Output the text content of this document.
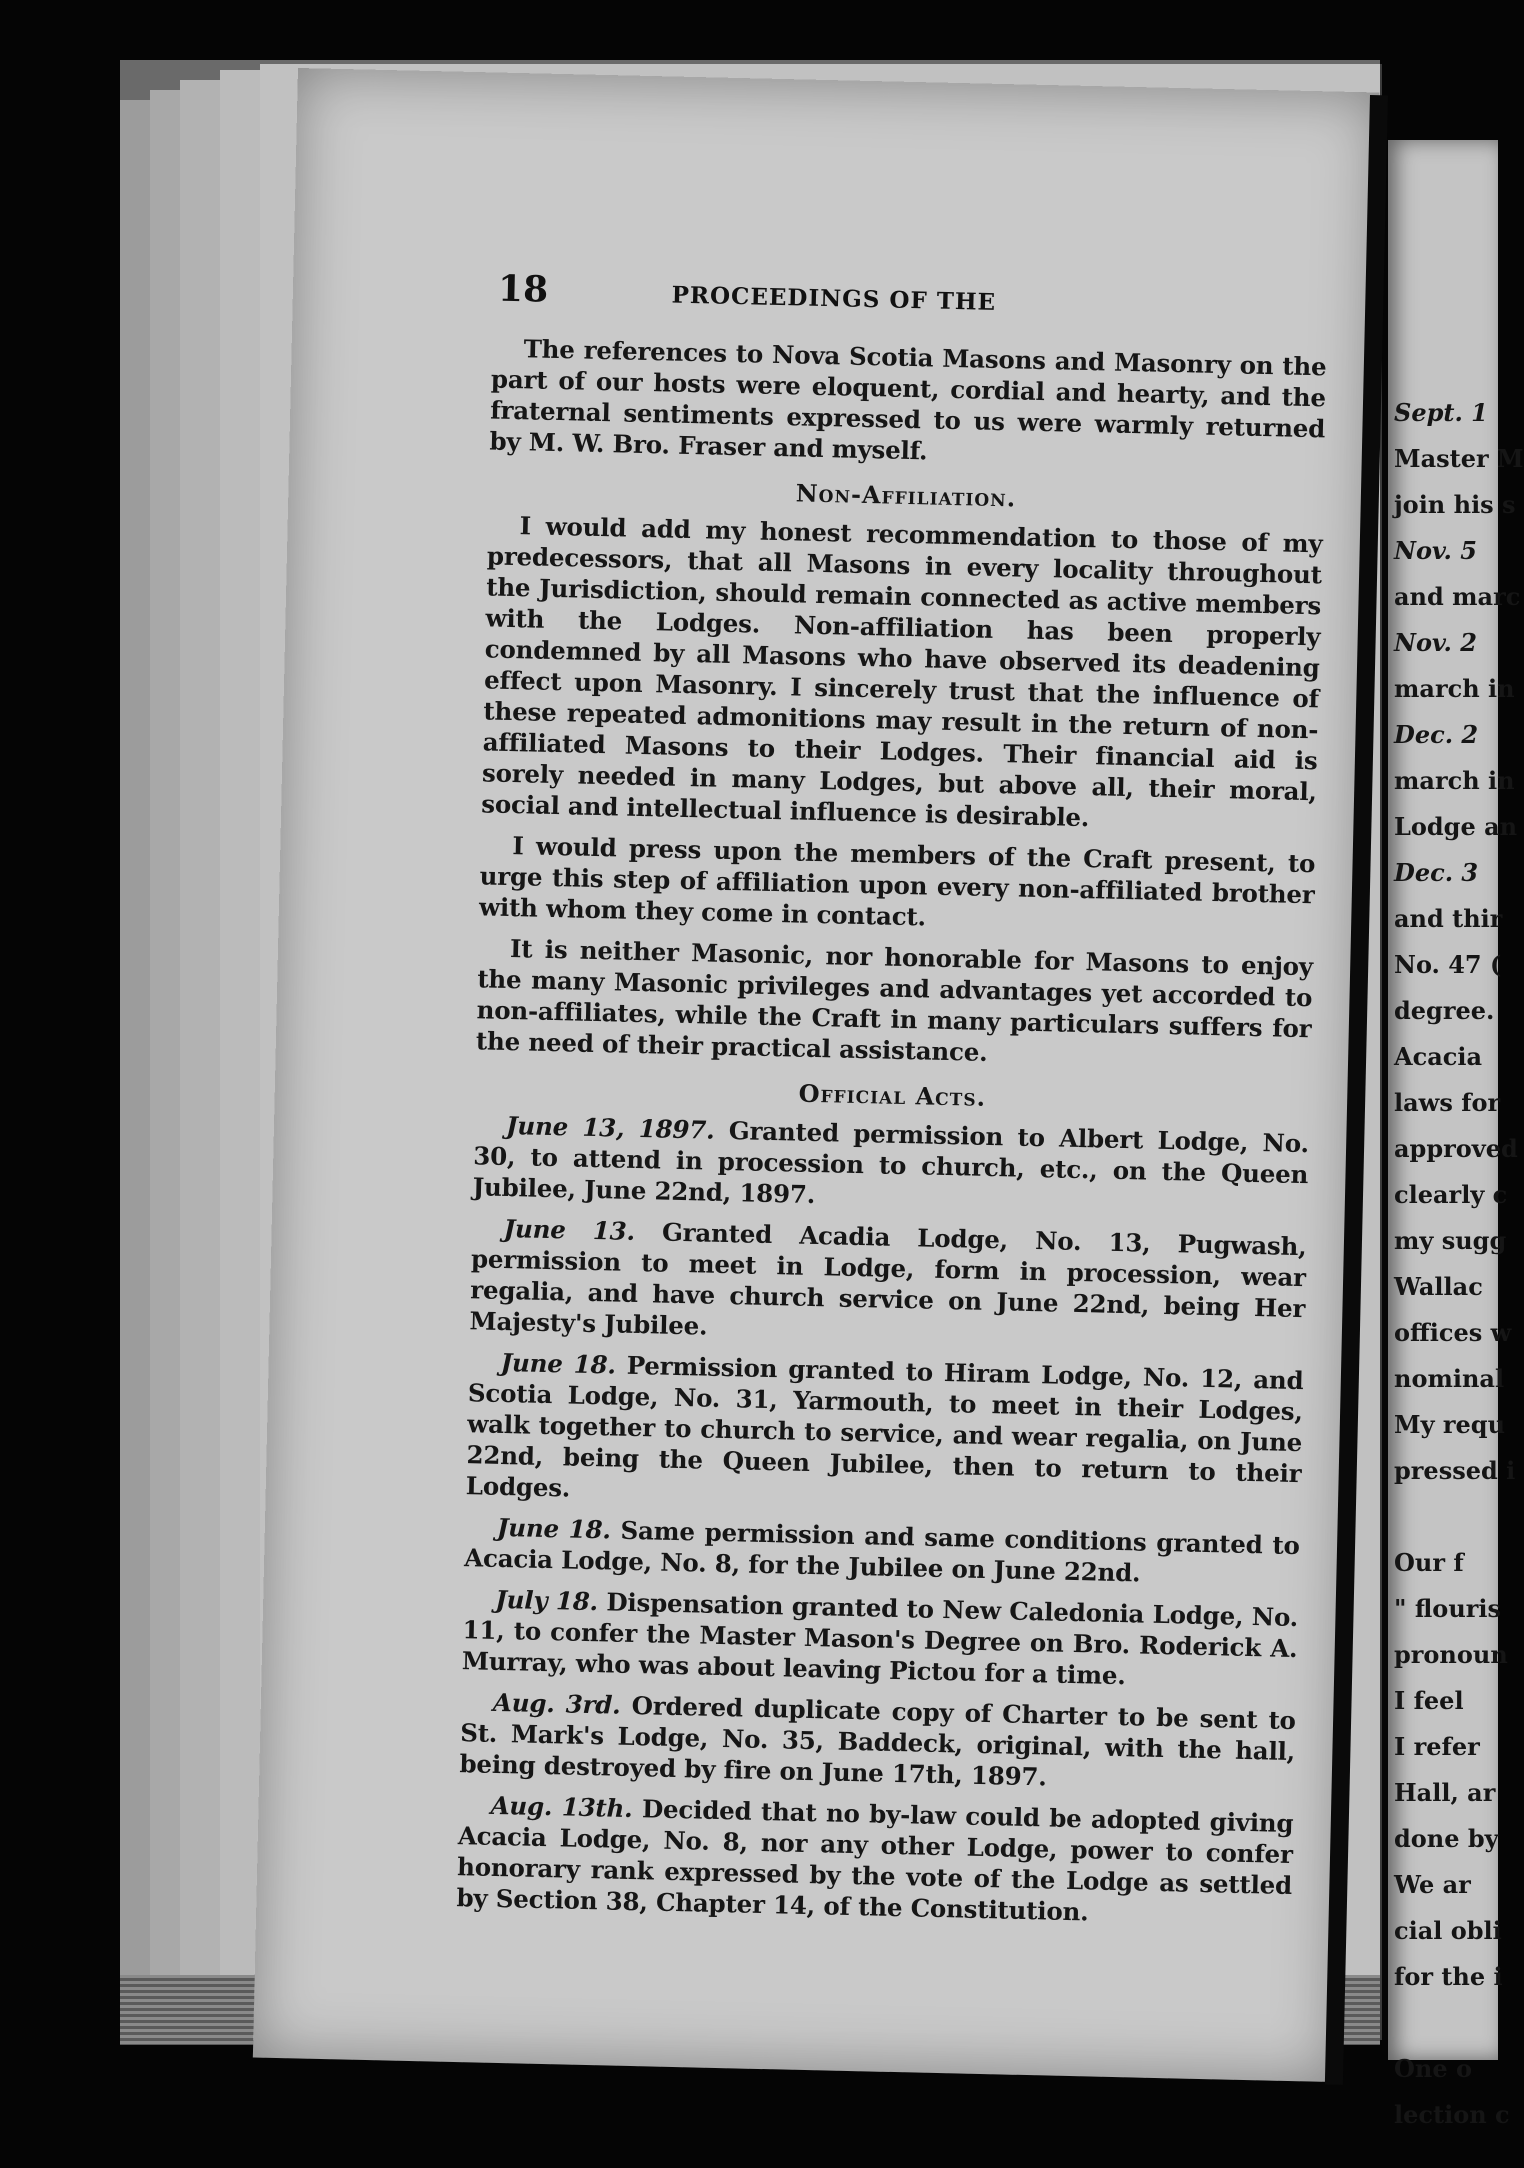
18	PROCEEDINGS OF THE

The references to Nova Scotia Masons and Masonry on the part of our hosts were eloquent, cordial and hearty, and the fraternal sentiments expressed to us were warmly returned by M. W. Bro. Fraser and myself.

Non-Affiliation.

I would add my honest recommendation to those of my predecessors, that all Masons in every locality throughout the Jurisdiction, should remain connected as active members with the Lodges. Non-affiliation has been properly condemned by all Masons who have observed its deadening effect upon Masonry. I sincerely trust that the influence of these repeated admonitions may result in the return of non-affiliated Masons to their Lodges. Their financial aid is sorely needed in many Lodges, but above all, their moral, social and intellectual influence is desirable.

I would press upon the members of the Craft present, to urge this step of affiliation upon every non-affiliated brother with whom they come in contact.

It is neither Masonic, nor honorable for Masons to enjoy the many Masonic privileges and advantages yet accorded to non-affiliates, while the Craft in many particulars suffers for the need of their practical assistance.

Official Acts.

June 13, 1897. Granted permission to Albert Lodge, No. 30, to attend in procession to church, etc., on the Queen Jubilee, June 22nd, 1897.

June 13. Granted Acadia Lodge, No. 13, Pugwash, permission to meet in Lodge, form in procession, wear regalia, and have church service on June 22nd, being Her Majesty's Jubilee.

June 18. Permission granted to Hiram Lodge, No. 12, and Scotia Lodge, No. 31, Yarmouth, to meet in their Lodges, walk together to church to service, and wear regalia, on June 22nd, being the Queen Jubilee, then to return to their Lodges.

June 18. Same permission and same conditions granted to Acacia Lodge, No. 8, for the Jubilee on June 22nd.

July 18. Dispensation granted to New Caledonia Lodge, No. 11, to confer the Master Mason's Degree on Bro. Roderick A. Murray, who was about leaving Pictou for a time.

Aug. 3rd. Ordered duplicate copy of Charter to be sent to St. Mark's Lodge, No. 35, Baddeck, original, with the hall, being destroyed by fire on June 17th, 1897.

Aug. 13th. Decided that no by-law could be adopted giving Acacia Lodge, No. 8, nor any other Lodge, power to confer honorary rank expressed by the vote of the Lodge as settled by Section 38, Chapter 14, of the Constitution.

Sept. 1
Master M
join his s
Nov. 5
and marc
Nov. 2
march in
Dec. 2
march in
Lodge an
Dec. 3
and thir
No. 47 (
degree.
Acacia
laws for
approved
clearly c
my sugg
Wallac
offices w
nominal
My requ
pressed i
Our f
" flouris
pronoun
I feel
I refer
Hall, ar
done by
We ar
cial obli
for the i
One o
lection c
